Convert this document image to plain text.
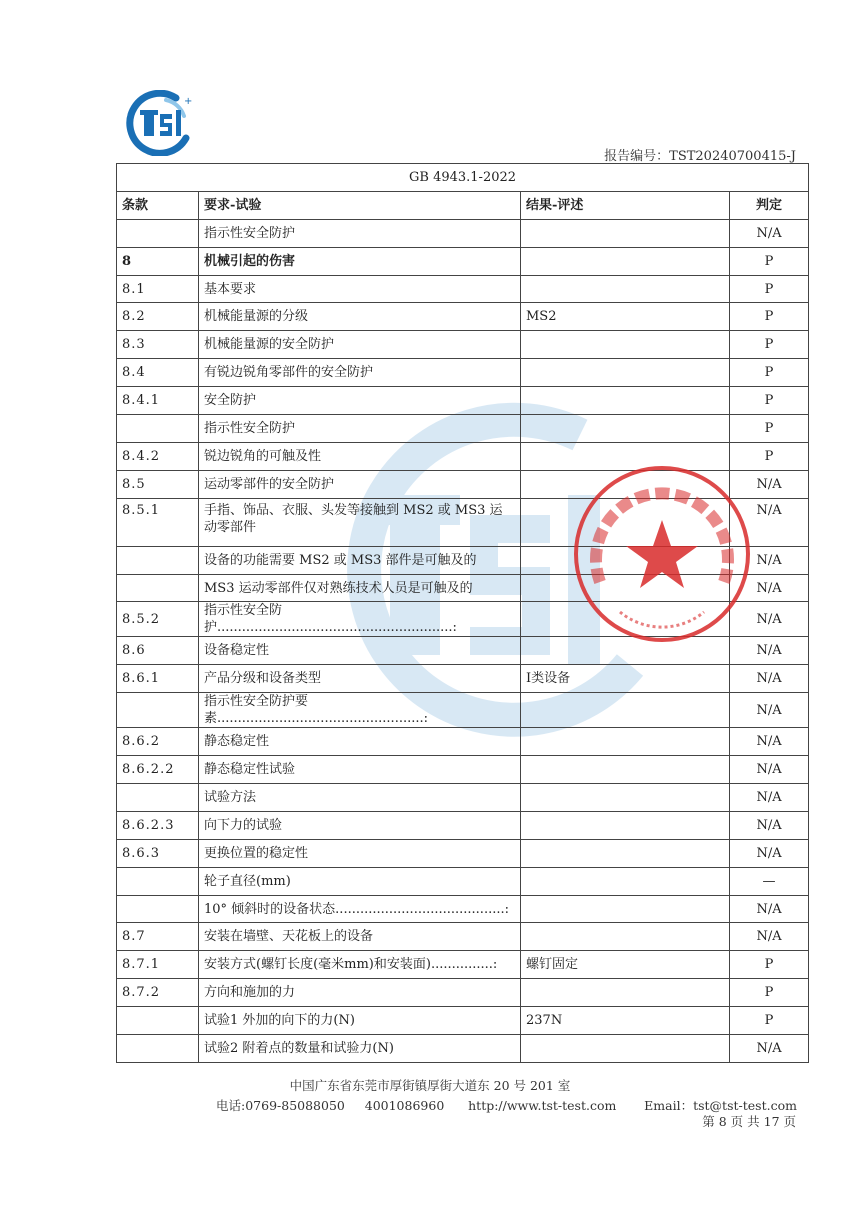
+
报告编号：TST20240700415-J
GB 4943.1-2022			
条款	要求-试验	结果-评述	判定
	指示性安全防护		N/A
8	机械引起的伤害		P
8.1	基本要求		P
8.2	机械能量源的分级	MS2	P
8.3	机械能量源的安全防护		P
8.4	有锐边锐角零部件的安全防护		P
8.4.1	安全防护		P
	指示性安全防护		P
8.4.2	锐边锐角的可触及性		P
8.5	运动零部件的安全防护		N/A
8.5.1	手指、饰品、衣服、头发等接触到 MS2 或 MS3 运动零部件		N/A
	设备的功能需要 MS2 或 MS3 部件是可触及的		N/A
	MS3 运动零部件仅对熟练技术人员是可触及的		N/A
8.5.2	指示性安全防护.........................................................:		N/A
8.6	设备稳定性		N/A
8.6.1	产品分级和设备类型	I类设备	N/A
	指示性安全防护要素..................................................:		N/A
8.6.2	静态稳定性		N/A
8.6.2.2	静态稳定性试验		N/A
	试验方法		N/A
8.6.2.3	向下力的试验		N/A
8.6.3	更换位置的稳定性		N/A
	轮子直径(mm)		—
	10° 倾斜时的设备状态.........................................:		N/A
8.7	安装在墙壁、天花板上的设备		N/A
8.7.1	安装方式(螺钉长度(毫米mm)和安装面)...............:	螺钉固定	P
8.7.2	方向和施加的力		P
	试验1 外加的向下的力(N)	237N	P
	试验2 附着点的数量和试验力(N)		N/A
中国广东省东莞市厚街镇厚街大道东 20 号 201 室
电话:0769-85088050 4001086960 http://www.tst-test.com Email：tst@tst-test.com
第 8 页 共 17 页
